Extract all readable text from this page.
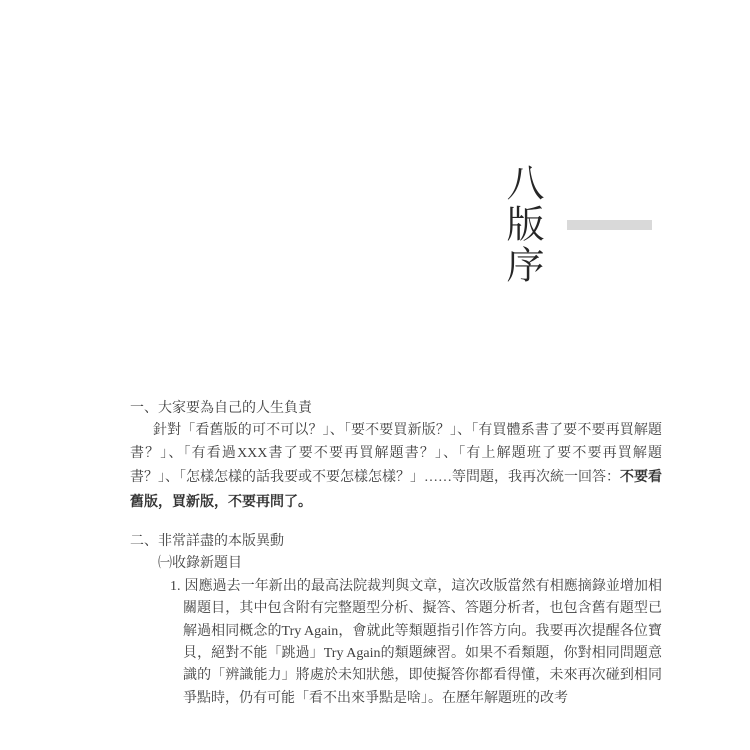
八版序
一、大家要為自己的人生負責

針對「看舊版的可不可以？」、「要不要買新版？」、「有買體系書了要不要再買解題書？」、「有看過XXX書了要不要再買解題書？」、「有上解題班了要不要再買解題書？」、「怎樣怎樣的話我要或不要怎樣怎樣？」……等問題，我再次統一回答：不要看舊版，買新版，不要再問了。

二、非常詳盡的本版異動
㈠收錄新題目
1. 因應過去一年新出的最高法院裁判與文章，這次改版當然有相應摘錄並增加相關題目，其中包含附有完整題型分析、擬答、答題分析者，也包含舊有題型已解過相同概念的Try Again，會就此等類題指引作答方向。我要再次提醒各位寶貝，絕對不能「跳過」Try Again的類題練習。如果不看類題，你對相同問題意識的「辨識能力」將處於未知狀態，即使擬答你都看得懂，未來再次碰到相同爭點時，仍有可能「看不出來爭點是啥」。在歷年解題班的改考
